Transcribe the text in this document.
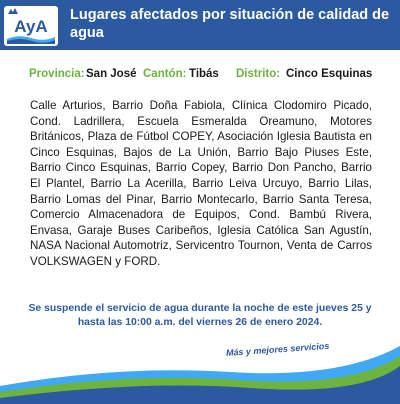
AyA
Lugares afectados por situación de calidad de agua
Provincia: San José Cantón: Tibás Distrito: Cinco Esquinas
Calle Arturios, Barrio Doña Fabiola, Clínica Clodomiro Picado, Cond. Ladrillera, Escuela Esmeralda Oreamuno, Motores Británicos, Plaza de Fútbol COPEY, Asociación Iglesia Bautista en Cinco Esquinas, Bajos de La Unión, Barrio Bajo Piuses Este, Barrio Cinco Esquinas, Barrio Copey, Barrio Don Pancho, Barrio El Plantel, Barrio La Acerilla, Barrio Leiva Urcuyo, Barrio Lilas, Barrio Lomas del Pinar, Barrio Montecarlo, Barrio Santa Teresa, Comercio Almacenadora de Equipos, Cond. Bambú Rivera, Envasa, Garaje Buses Caribeños, Iglesia Católica San Agustín, NASA Nacional Automotriz, Servicentro Tournon, Venta de Carros VOLKSWAGEN y FORD.
Se suspende el servicio de agua durante la noche de este jueves 25 y hasta las 10:00 a.m. del viernes 26 de enero 2024.
Más y mejores servicios
